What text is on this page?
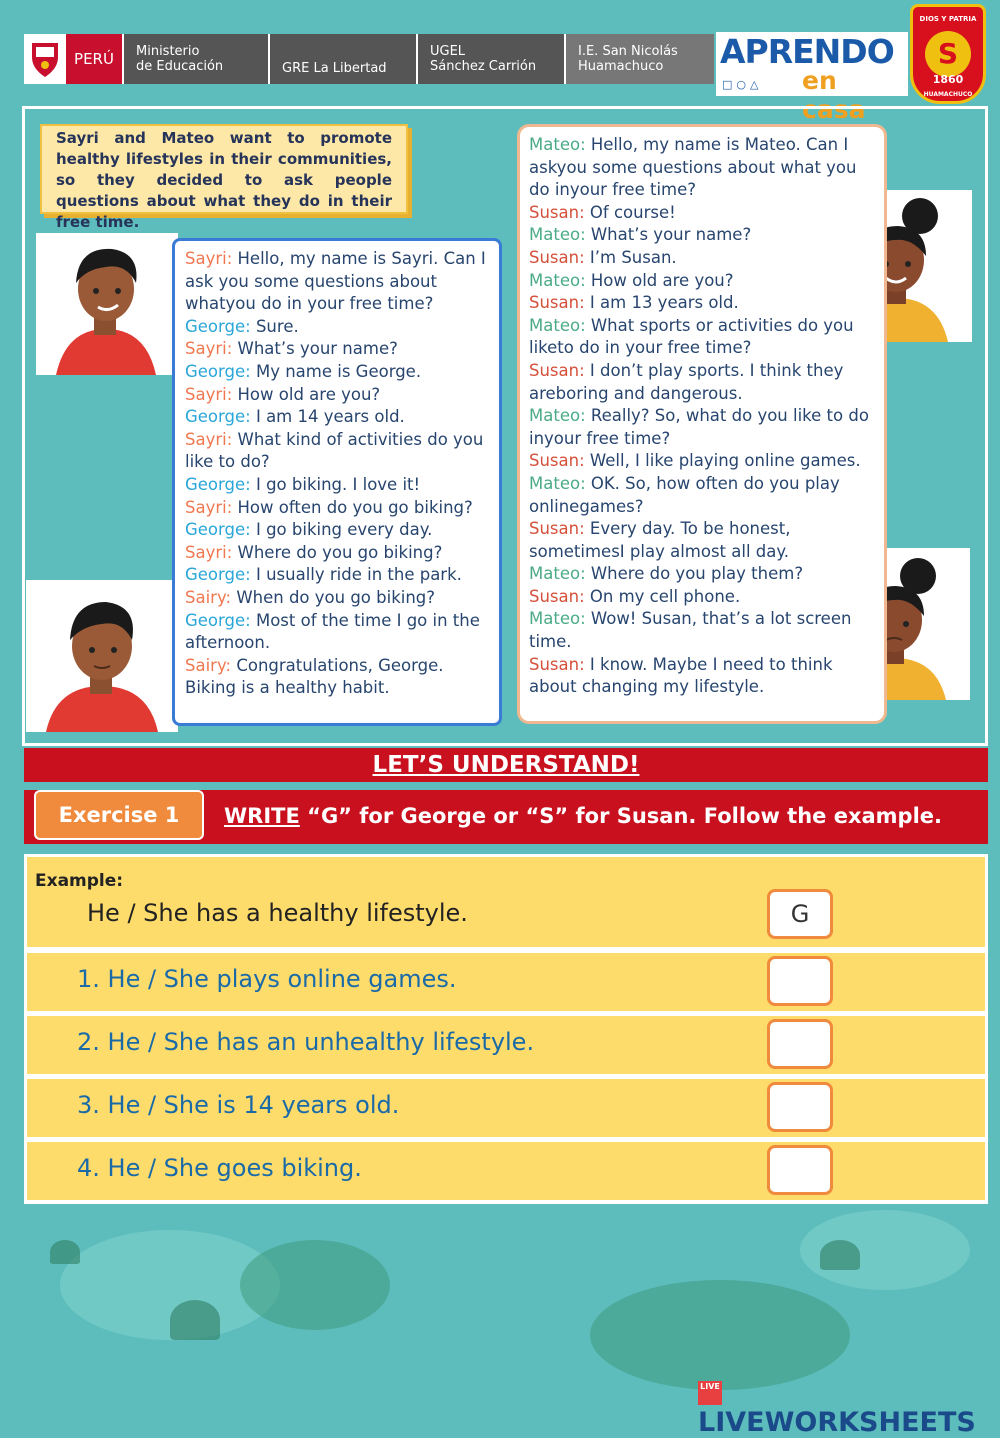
PERÚ	Ministerio
de Educación	GRE La Libertad
UGEL
Sánchez Carrión
I.E. San Nicolás
Huamachuco	APRENDO
□○△ en casa
DIOS Y PATRIA
S
1860
HUAMACHUCO
Sayri and Mateo want to promote healthy lifestyles in their communities, so they decided to ask people questions about what they do in their free time.
Sayri: Hello, my name is Sayri. Can I ask you some questions about whatyou do in your free time?
George: Sure.
Sayri: What’s your name?
George: My name is George.
Sayri: How old are you?
George: I am 14 years old.
Sayri: What kind of activities do you like to do?
George: I go biking. I love it!
Sayri: How often do you go biking?
George: I go biking every day.
Sayri: Where do you go biking?
George: I usually ride in the park.
Sairy: When do you go biking?
George: Most of the time I go in the afternoon.
Sairy: Congratulations, George. Biking is a healthy habit.
Mateo: Hello, my name is Mateo. Can I askyou some questions about what you do inyour free time?
Susan: Of course!
Mateo: What’s your name?
Susan: I’m Susan.
Mateo: How old are you?
Susan: I am 13 years old.
Mateo: What sports or activities do you liketo do in your free time?
Susan: I don’t play sports. I think they areboring and dangerous.
Mateo: Really? So, what do you like to do inyour free time?
Susan: Well, I like playing online games.
Mateo: OK. So, how often do you play onlinegames?
Susan: Every day. To be honest, sometimesI play almost all day.
Mateo: Where do you play them?
Susan: On my cell phone.
Mateo: Wow! Susan, that’s a lot screen time.
Susan: I know. Maybe I need to think about changing my lifestyle.
LET’S UNDERSTAND!
Exercise 1	WRITE “G” for George or “S” for Susan. Follow the example.
Example:
He / She has a healthy lifestyle.	G
1. He / She plays online games.
2. He / She has an unhealthy lifestyle.
3. He / She is 14 years old.
4. He / She goes biking.
LIVELIVEWORKSHEETS
